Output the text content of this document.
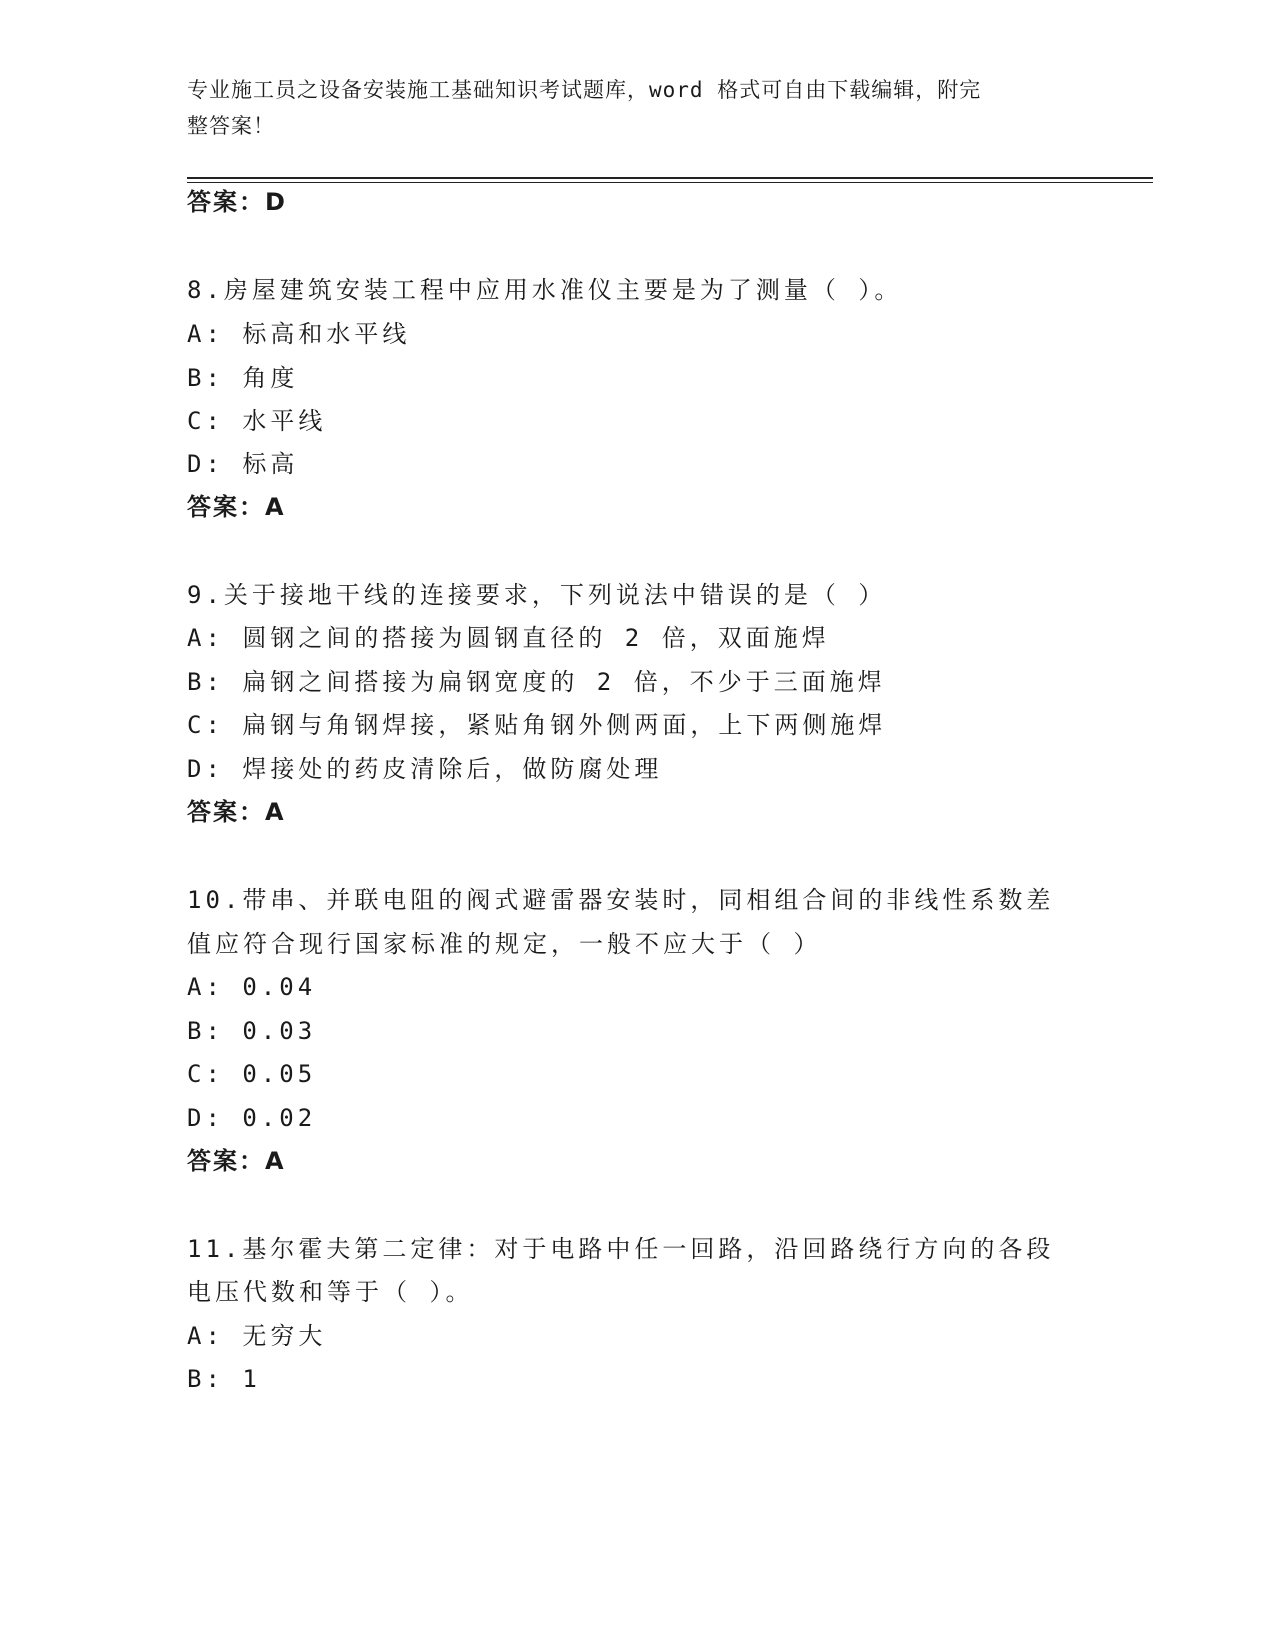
专业施工员之设备安装施工基础知识考试题库，word 格式可自由下载编辑，附完
整答案！
答案：D
8.房屋建筑安装工程中应用水准仪主要是为了测量（ ）。
A: 标高和水平线
B: 角度
C: 水平线
D: 标高
答案：A
9.关于接地干线的连接要求，下列说法中错误的是（ ）
A: 圆钢之间的搭接为圆钢直径的 2 倍，双面施焊
B: 扁钢之间搭接为扁钢宽度的 2 倍，不少于三面施焊
C: 扁钢与角钢焊接，紧贴角钢外侧两面，上下两侧施焊
D: 焊接处的药皮清除后，做防腐处理
答案：A
10.带串、并联电阻的阀式避雷器安装时，同相组合间的非线性系数差
值应符合现行国家标准的规定，一般不应大于（ ）
A: 0.04
B: 0.03
C: 0.05
D: 0.02
答案：A
11.基尔霍夫第二定律：对于电路中任一回路，沿回路绕行方向的各段
电压代数和等于（ ）。
A: 无穷大
B: 1
